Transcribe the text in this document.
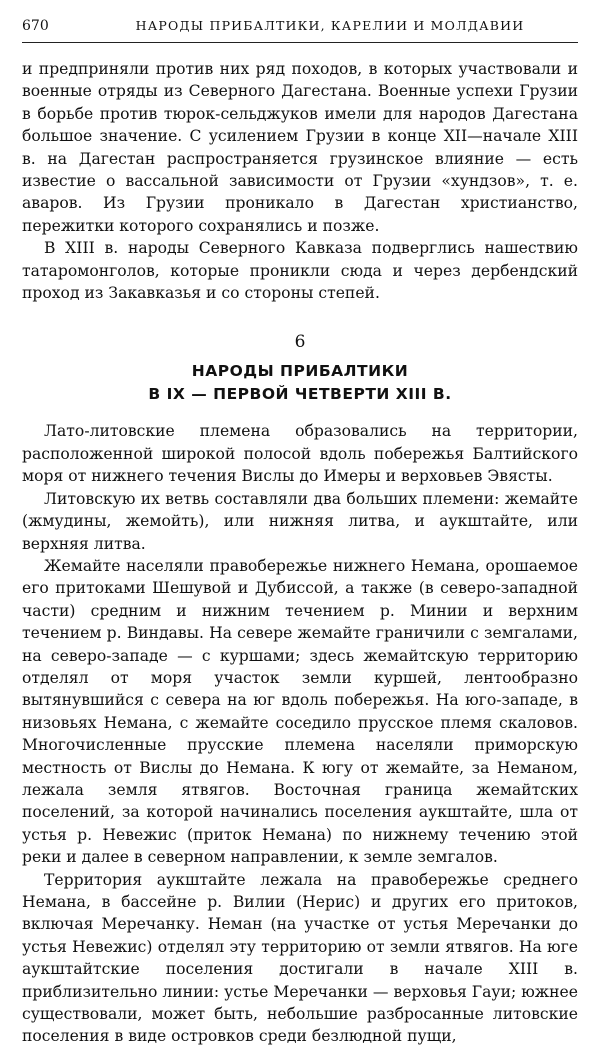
670	НАРОДЫ ПРИБАЛТИКИ, КАРЕЛИИ И МОЛДАВИИ

и предприняли против них ряд походов, в которых участвовали и военные отряды из Северного Дагестана. Военные успехи Грузии в борьбе против тюрок-сельджуков имели для народов Дагестана большое значение. С усилением Грузии в конце XII—начале XIII в. на Дагестан распространяется грузинское влияние — есть известие о вассальной зависимости от Грузии «хундзов», т. е. аваров. Из Грузии проникало в Дагестан христианство, пережитки которого сохранялись и позже.

В XIII в. народы Северного Кавказа подверглись нашествию татаромонголов, которые проникли сюда и через дербендский проход из Закавказья и со стороны степей.

6
НАРОДЫ ПРИБАЛТИКИ
В IX — ПЕРВОЙ ЧЕТВЕРТИ XIII В.

Лато-литовские племена образовались на территории, расположенной широкой полосой вдоль побережья Балтийского моря от нижнего течения Вислы до Имеры и верховьев Эвясты.

Литовскую их ветвь составляли два больших племени: жемайте (жмудины, жемойть), или нижняя литва, и аукштайте, или верхняя литва.

Жемайте населяли правобережье нижнего Немана, орошаемое его притоками Шешувой и Дубиссой, а также (в северо-западной части) средним и нижним течением р. Минии и верхним течением р. Виндавы. На севере жемайте граничили с земгалами, на северо-западе — с куршами; здесь жемайтскую территорию отделял от моря участок земли куршей, лентообразно вытянувшийся с севера на юг вдоль побережья. На юго-западе, в низовьях Немана, с жемайте соседило прусское племя скаловов. Многочисленные прусские племена населяли приморскую местность от Вислы до Немана. К югу от жемайте, за Неманом, лежала земля ятвягов. Восточная граница жемайтских поселений, за которой начинались поселения аукштайте, шла от устья р. Невежис (приток Немана) по нижнему течению этой реки и далее в северном направлении, к земле земгалов.

Территория аукштайте лежала на правобережье среднего Немана, в бассейне р. Вилии (Нерис) и других его притоков, включая Меречанку. Неман (на участке от устья Меречанки до устья Невежис) отделял эту территорию от земли ятвягов. На юге аукштайтские поселения достигали в начале XIII в. приблизительно линии: устье Меречанки — верховья Гауи; южнее существовали, может быть, небольшие разбросанные литовские поселения в виде островков среди безлюдной пущи,
